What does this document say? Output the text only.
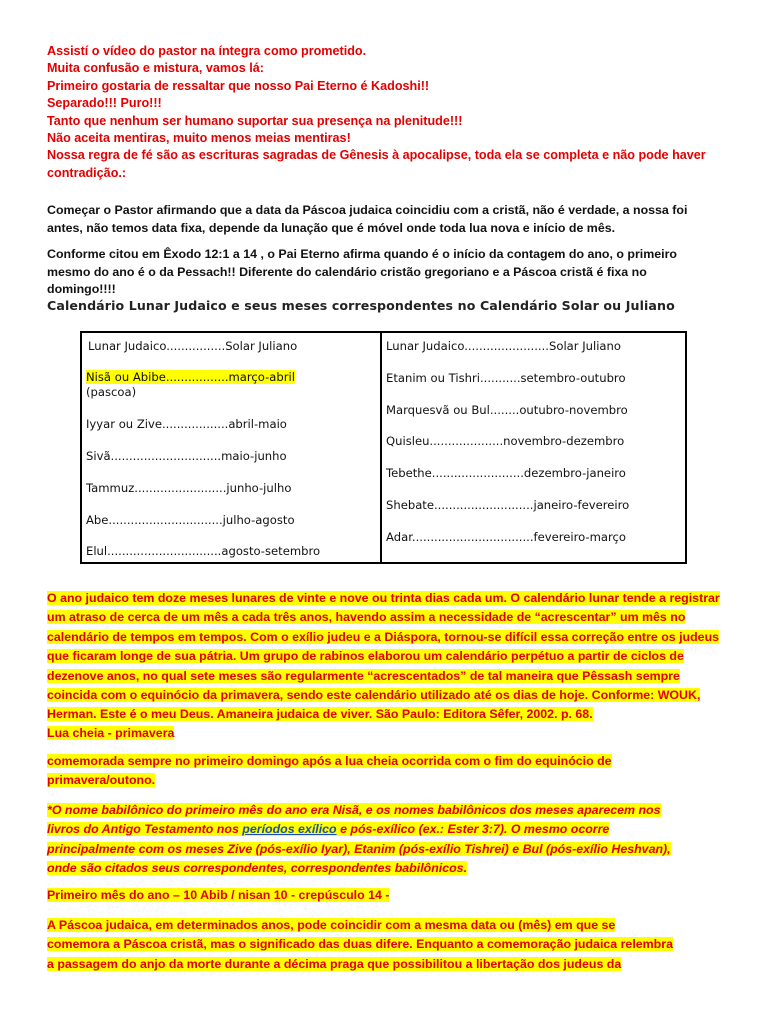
Assistí o vídeo do pastor na íntegra como prometido.
Muita confusão e mistura, vamos lá:
Primeiro gostaria de ressaltar que nosso Pai Eterno é Kadoshi!!
Separado!!! Puro!!!
Tanto que nenhum ser humano suportar sua presença na plenitude!!!
Não aceita mentiras, muito menos meias mentiras!
Nossa regra de fé são as escrituras sagradas de Gênesis à apocalipse, toda ela se completa e não pode haver contradição.:
Começar o Pastor afirmando que a data da Páscoa judaica coincidiu com a cristã, não é verdade, a nossa foi antes, não temos data fixa, depende da lunação que é móvel onde toda lua nova e início de mês.
Conforme citou em Êxodo 12:1 a 14 , o Pai Eterno afirma quando é o início da contagem do ano, o primeiro mesmo do ano é o da Pessach!! Diferente do calendário cristão gregoriano e a Páscoa cristã é fixa no domingo!!!!
Calendário Lunar Judaico e seus meses correspondentes no Calendário Solar ou Juliano
Lunar Judaico................Solar Juliano
Nisã ou Abibe.................março-abril
(pascoa)
Iyyar ou Zive..................abril-maio
Sivã..............................maio-junho
Tammuz.........................junho-julho
Abe...............................julho-agosto
Elul...............................agosto-setembro
Lunar Judaico.......................Solar Juliano
Etanim ou Tishri...........setembro-outubro
Marquesvã ou Bul........outubro-novembro
Quisleu....................novembro-dezembro
Tebethe.........................dezembro-janeiro
Shebate...........................janeiro-fevereiro
Adar.................................fevereiro-março
O ano judaico tem doze meses lunares de vinte e nove ou trinta dias cada um. O calendário lunar tende a registrar
um atraso de cerca de um mês a cada três anos, havendo assim a necessidade de “acrescentar” um mês no
calendário de tempos em tempos. Com o exílio judeu e a Diáspora, tornou-se difícil essa correção entre os judeus
que ficaram longe de sua pátria. Um grupo de rabinos elaborou um calendário perpétuo a partir de ciclos de
dezenove anos, no qual sete meses são regularmente “acrescentados” de tal maneira que Pêssash sempre
coincida com o equinócio da primavera, sendo este calendário utilizado até os dias de hoje. Conforme: WOUK,
Herman. Este é o meu Deus. Amaneira judaica de viver. São Paulo: Editora Sêfer, 2002. p. 68.
Lua cheia - primavera
comemorada sempre no primeiro domingo após a lua cheia ocorrida com o fim do equinócio de
primavera/outono.
*O nome babilônico do primeiro mês do ano era Nisã, e os nomes babilônicos dos meses aparecem nos
livros do Antigo Testamento nos períodos exílico e pós-exílico (ex.: Ester 3:7). O mesmo ocorre
principalmente com os meses Zive (pós-exílio Iyar), Etanim (pós-exílio Tishrei) e Bul (pós-exílio Heshvan),
onde são citados seus correspondentes, correspondentes babilônicos.
Primeiro mês do ano – 10 Abib / nisan 10 - crepúsculo 14 -
A Páscoa judaica, em determinados anos, pode coincidir com a mesma data ou (mês) em que se
comemora a Páscoa cristã, mas o significado das duas difere. Enquanto a comemoração judaica relembra
a passagem do anjo da morte durante a décima praga que possibilitou a libertação dos judeus da
